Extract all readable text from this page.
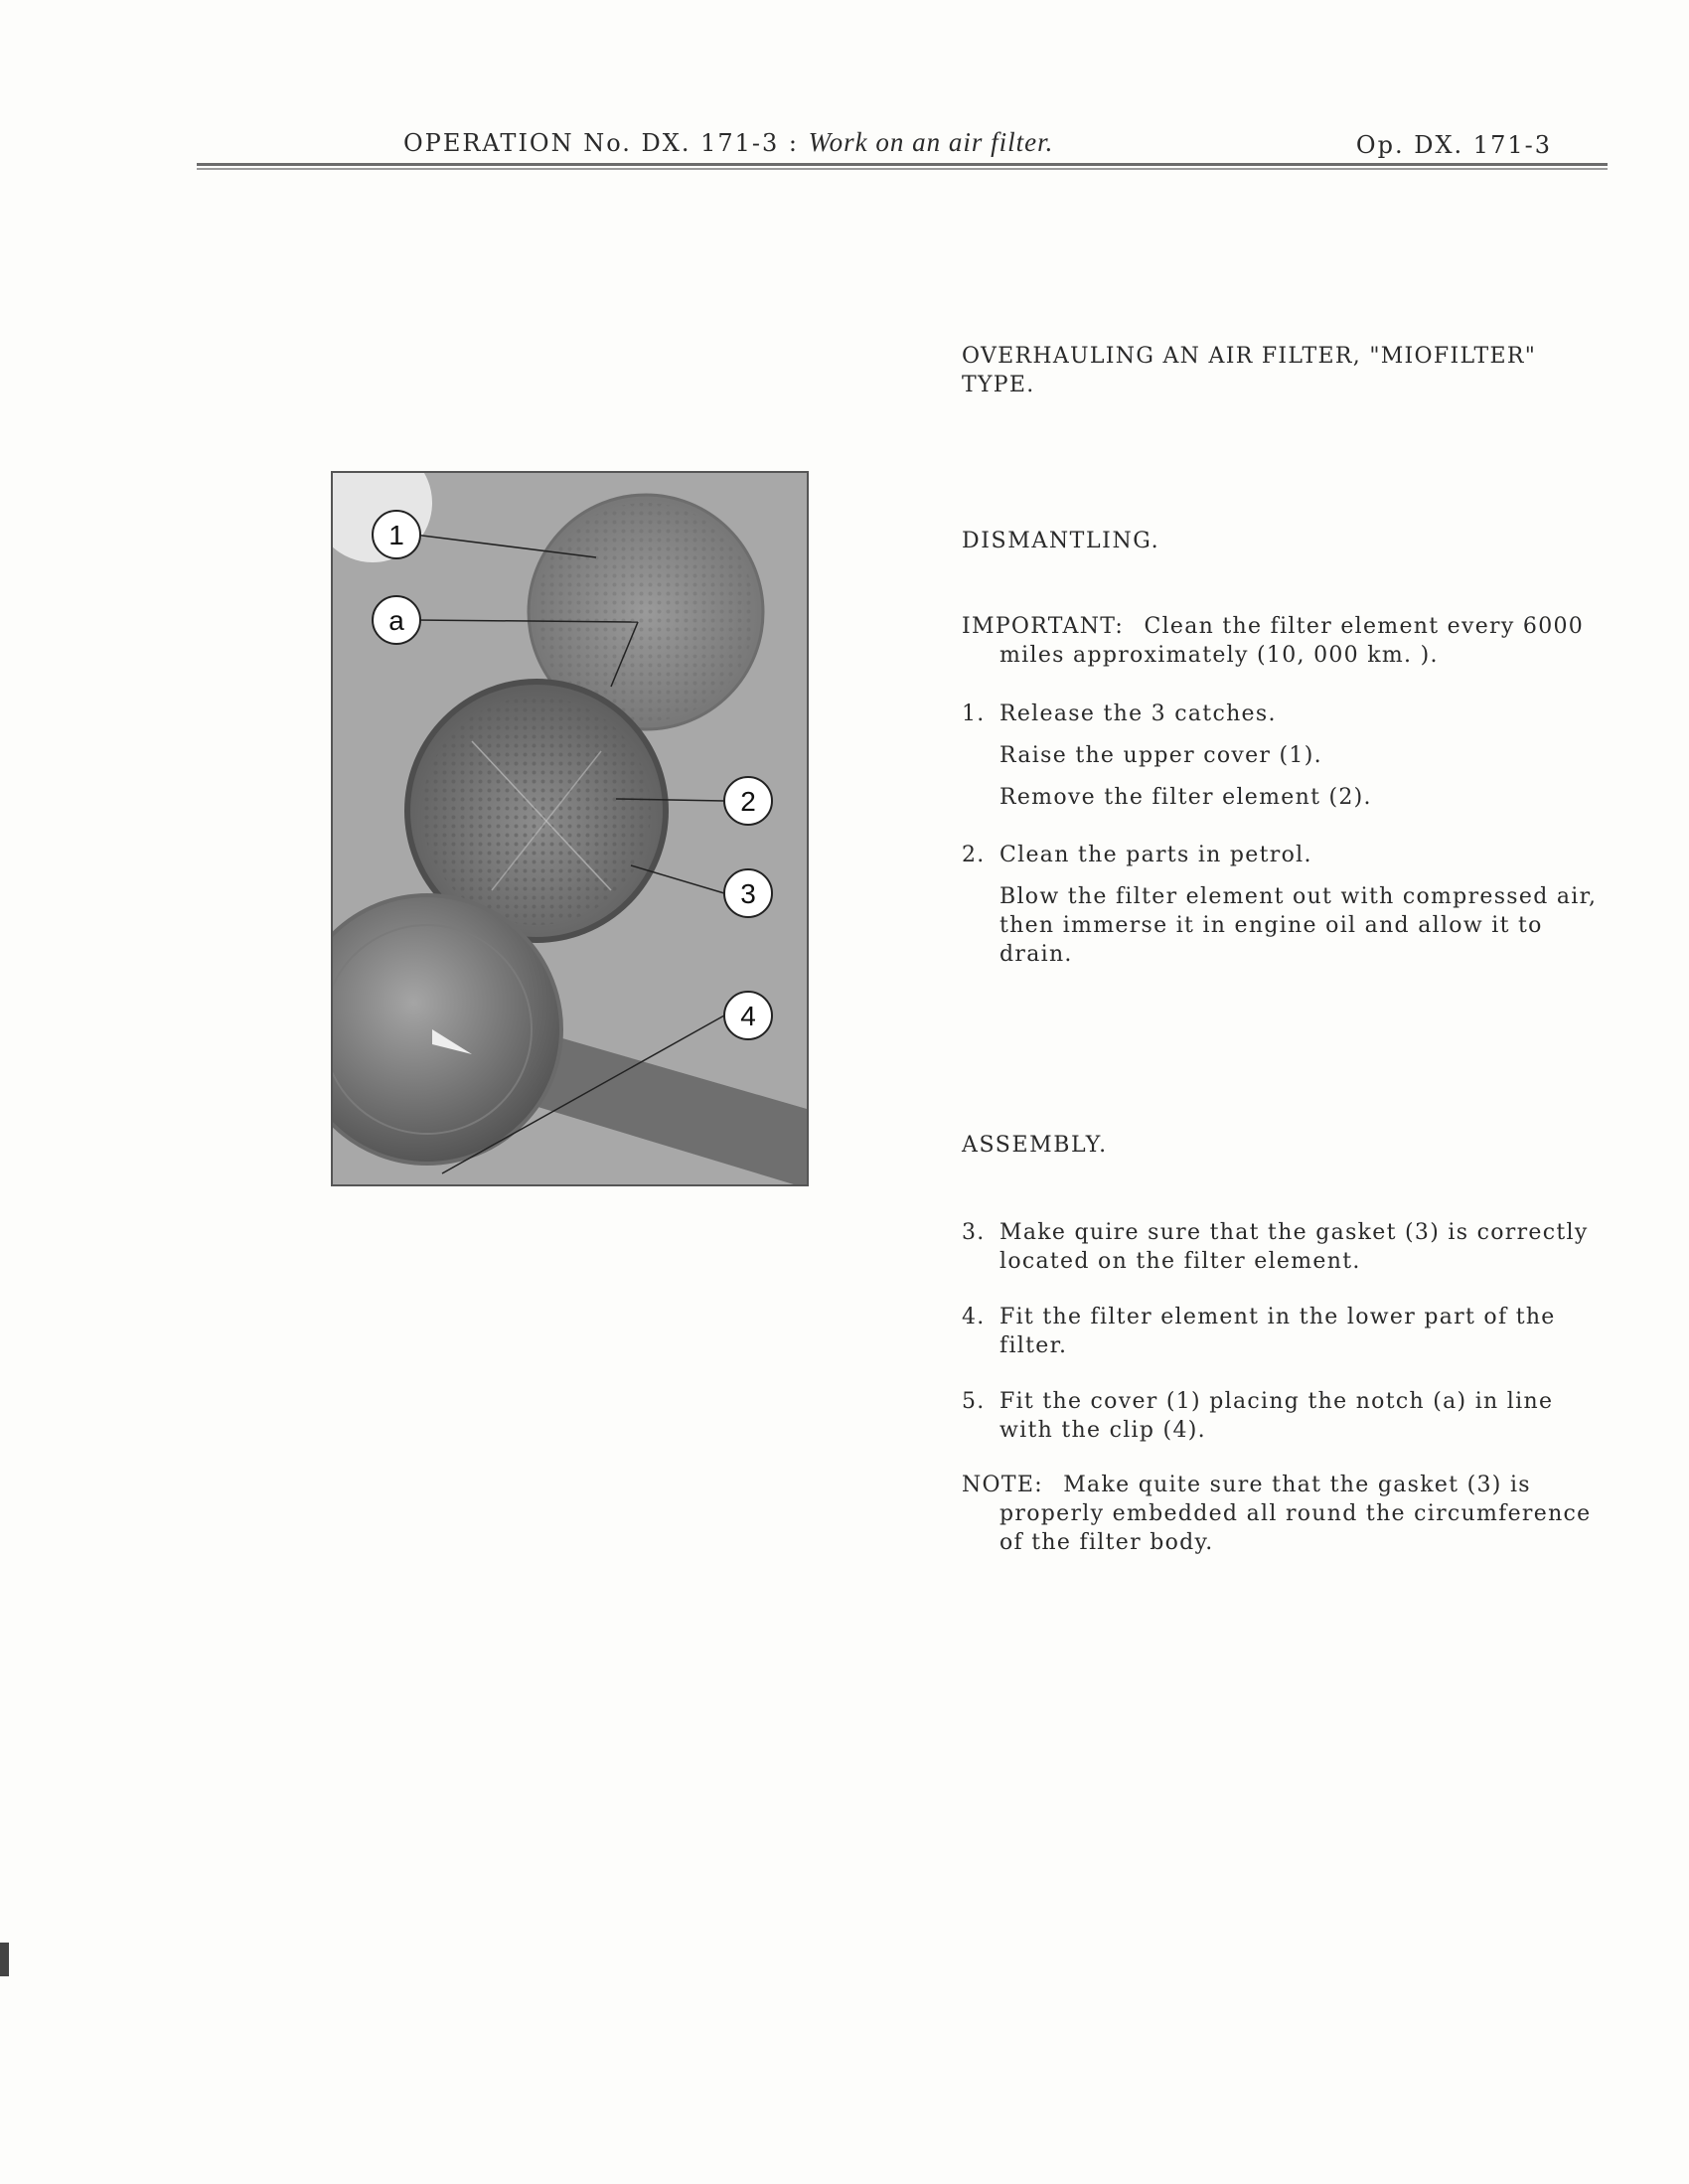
OPERATION No. DX. 171-3 : Work on an air filter.	Op. DX. 171-3
OVERHAULING AN AIR FILTER, "MIOFILTER"
TYPE.
1
a
2
3
4
DISMANTLING.
IMPORTANT: Clean the filter element every 6000
miles approximately (10, 000 km. ).
1. Release the 3 catches.
Raise the upper cover (1).
Remove the filter element (2).
2. Clean the parts in petrol.
Blow the filter element out with compressed air,
then immerse it in engine oil and allow it to
drain.
ASSEMBLY.
3. Make quire sure that the gasket (3) is correctly
located on the filter element.
4. Fit the filter element in the lower part of the
filter.
5. Fit the cover (1) placing the notch (a) in line
with the clip (4).
NOTE: Make quite sure that the gasket (3) is
properly embedded all round the circumference
of the filter body.
